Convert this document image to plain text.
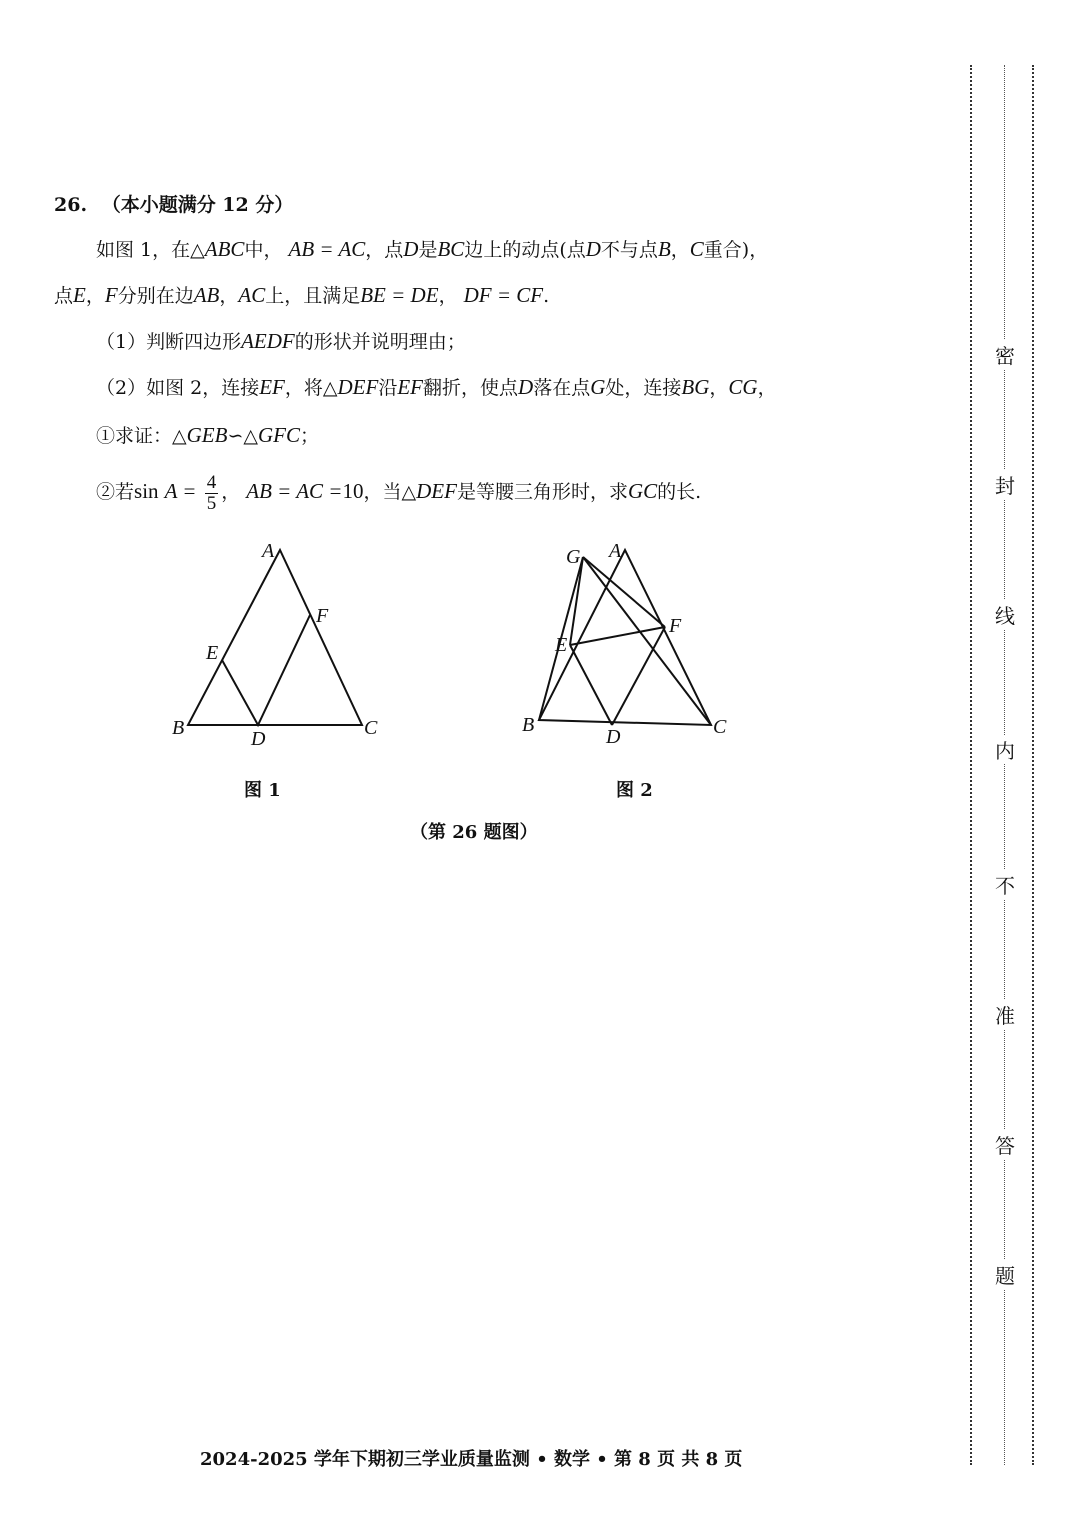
26. （本小题满分 12 分）
如图 1，在△ABC中， AB = AC，点D是BC边上的动点(点D不与点B，C重合)，
点E，F分别在边AB，AC上，且满足BE = DE， DF = CF.
（1）判断四边形AEDF的形状并说明理由；
（2）如图 2，连接EF，将△DEF沿EF翻折，使点D落在点G处，连接BG，CG，
①求证：△GEB∽△GFC；
②若$\sin A = \frac{4}{5}$ ， AB = AC =10，当△DEF是等腰三角形时，求GC的长.
A
B	C
D
E
F
图 1
G A
E
F
B	C
D
图 2
（第 26 题图）
2024-2025 学年下期初三学业质量监测 • 数学 • 第 8 页 共 8 页
密
封
线
内
不
准
答
题
